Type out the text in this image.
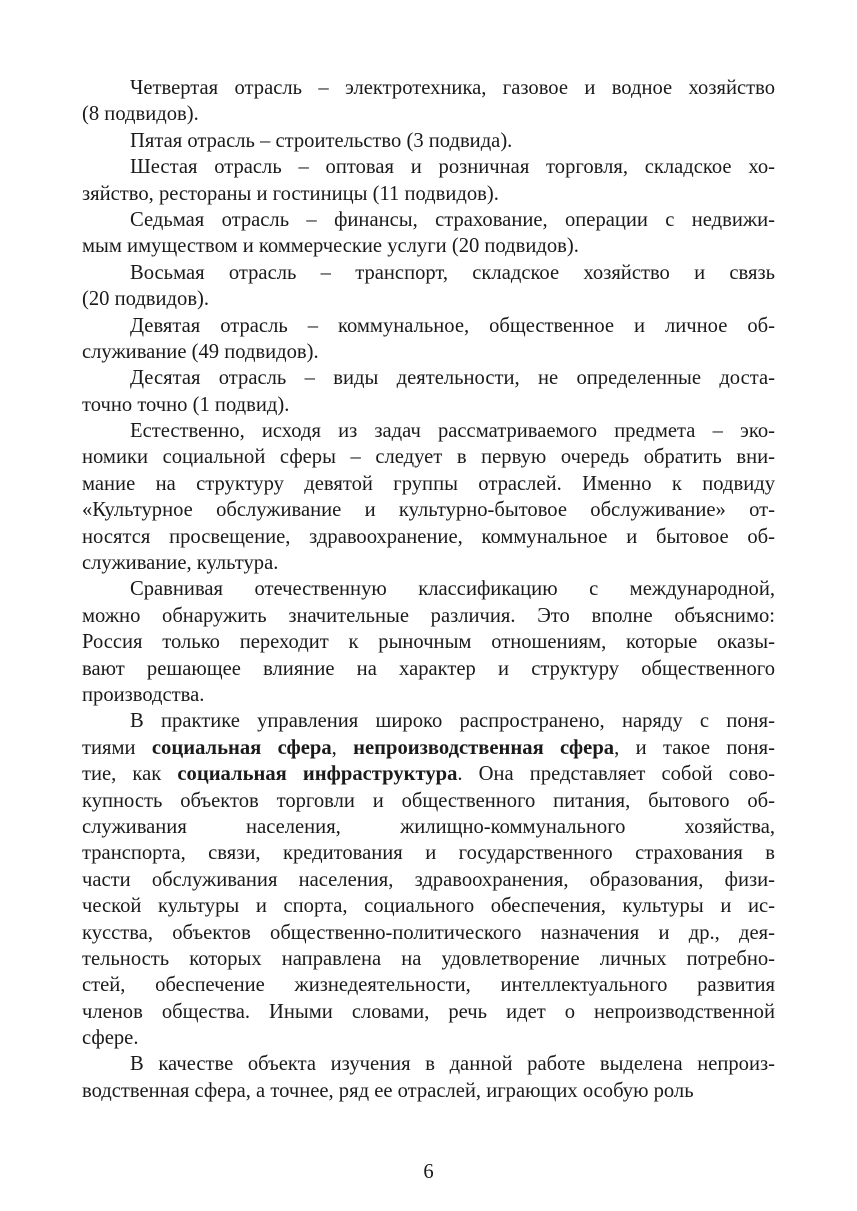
Четвертая отрасль – электротехника, газовое и водное хозяйство
(8 подвидов).
Пятая отрасль – строительство (3 подвида).
Шестая отрасль – оптовая и розничная торговля, складское хо-
зяйство, рестораны и гостиницы (11 подвидов).
Седьмая отрасль – финансы, страхование, операции с недвижи-
мым имуществом и коммерческие услуги (20 подвидов).
Восьмая отрасль – транспорт, складское хозяйство и связь
(20 подвидов).
Девятая отрасль – коммунальное, общественное и личное об-
служивание (49 подвидов).
Десятая отрасль – виды деятельности, не определенные доста-
точно точно (1 подвид).
Естественно, исходя из задач рассматриваемого предмета – эко-
номики социальной сферы – следует в первую очередь обратить вни-
мание на структуру девятой группы отраслей. Именно к подвиду
«Культурное обслуживание и культурно-бытовое обслуживание» от-
носятся просвещение, здравоохранение, коммунальное и бытовое об-
служивание, культура.
Сравнивая отечественную классификацию с международной,
можно обнаружить значительные различия. Это вполне объяснимо:
Россия только переходит к рыночным отношениям, которые оказы-
вают решающее влияние на характер и структуру общественного
производства.
В практике управления широко распространено, наряду с поня-
тиями социальная сфера, непроизводственная сфера, и такое поня-
тие, как социальная инфраструктура. Она представляет собой сово-
купность объектов торговли и общественного питания, бытового об-
служивания населения, жилищно-коммунального хозяйства,
транспорта, связи, кредитования и государственного страхования в
части обслуживания населения, здравоохранения, образования, физи-
ческой культуры и спорта, социального обеспечения, культуры и ис-
кусства, объектов общественно-политического назначения и др., дея-
тельность которых направлена на удовлетворение личных потребно-
стей, обеспечение жизнедеятельности, интеллектуального развития
членов общества. Иными словами, речь идет о непроизводственной
сфере.
В качестве объекта изучения в данной работе выделена непроиз-
водственная сфера, а точнее, ряд ее отраслей, играющих особую роль
6
